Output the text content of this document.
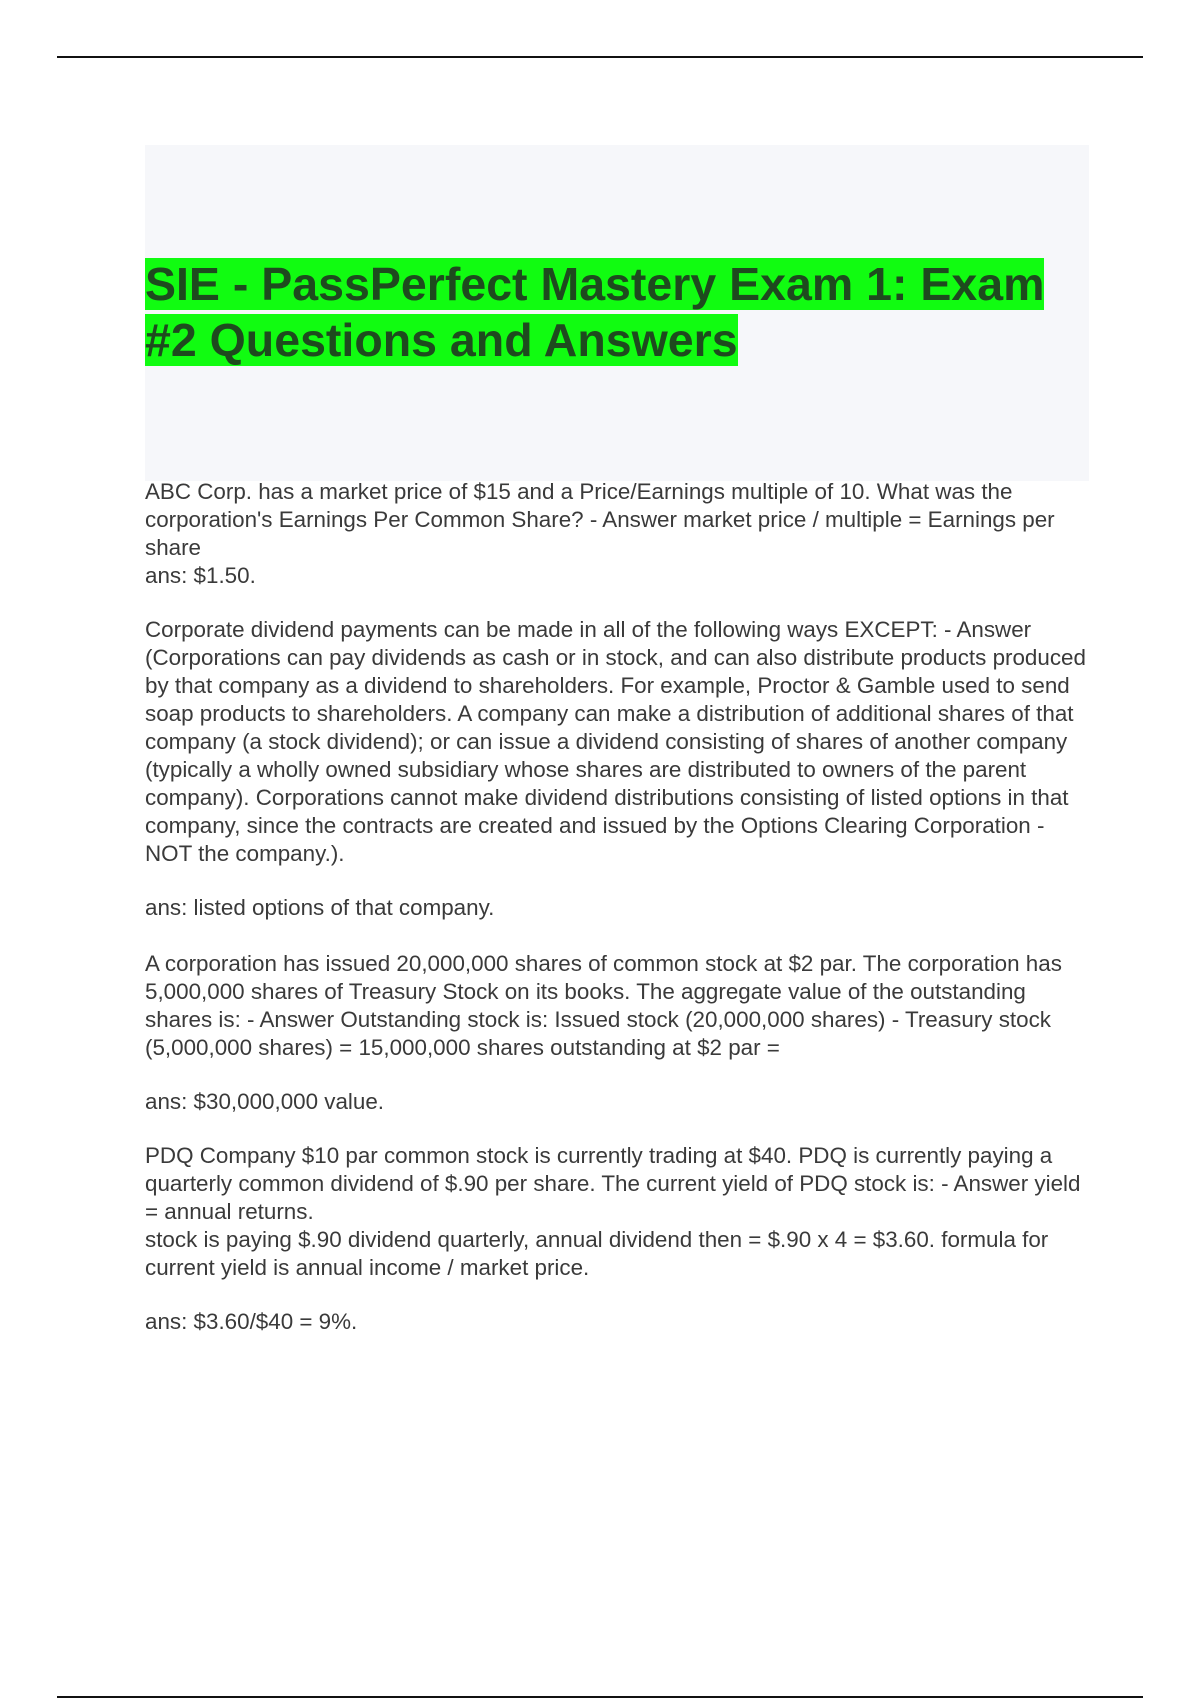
SIE - PassPerfect Mastery Exam 1: Exam
#2 Questions and Answers

ABC Corp. has a market price of $15 and a Price/Earnings multiple of 10. What was the corporation's Earnings Per Common Share? - Answer market price / multiple = Earnings per share

ans: $1.50.

Corporate dividend payments can be made in all of the following ways EXCEPT: - Answer (Corporations can pay dividends as cash or in stock, and can also distribute products produced by that company as a dividend to shareholders. For example, Proctor & Gamble used to send soap products to shareholders. A company can make a distribution of additional shares of that company (a stock dividend); or can issue a dividend consisting of shares of another company (typically a wholly owned subsidiary whose shares are distributed to owners of the parent company). Corporations cannot make dividend distributions consisting of listed options in that company, since the contracts are created and issued by the Options Clearing Corporation - NOT the company.).

ans: listed options of that company.

A corporation has issued 20,000,000 shares of common stock at $2 par. The corporation has 5,000,000 shares of Treasury Stock on its books. The aggregate value of the outstanding shares is: - Answer Outstanding stock is: Issued stock (20,000,000 shares) - Treasury stock (5,000,000 shares) = 15,000,000 shares outstanding at $2 par =

ans: $30,000,000 value.

PDQ Company $10 par common stock is currently trading at $40. PDQ is currently paying a quarterly common dividend of $.90 per share. The current yield of PDQ stock is: - Answer yield = annual returns.

stock is paying $.90 dividend quarterly, annual dividend then = $.90 x 4 = $3.60. formula for current yield is annual income / market price.

ans: $3.60/$40 = 9%.
